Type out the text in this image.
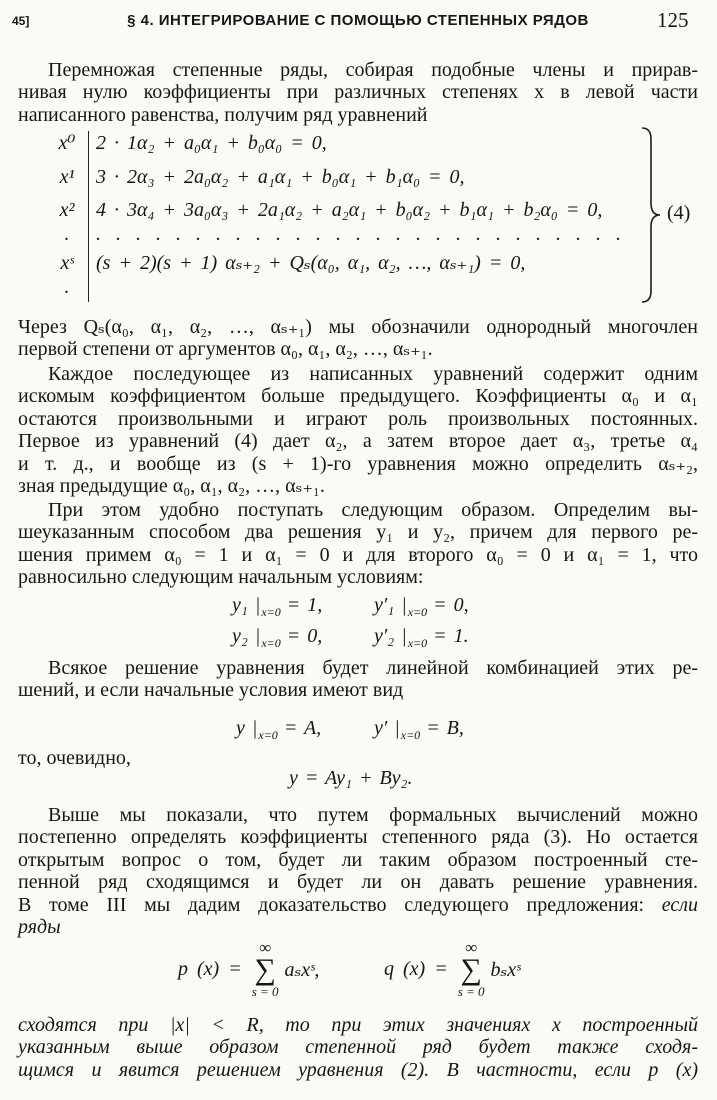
45]	§ 4. ИНТЕГРИРОВАНИЕ С ПОМОЩЬЮ СТЕПЕННЫХ РЯДОВ	125
Перемножая степенные ряды, собирая подобные члены и прирав-
нивая нулю коэффициенты при различных степенях x в левой части
написанного равенства, получим ряд уравнений
x⁰	2 · 1α₂ + a₀α₁ + b₀α₀ = 0,
x¹	3 · 2α₃ + 2a₀α₂ + a₁α₁ + b₀α₁ + b₁α₀ = 0,
x²	4 · 3α₄ + 3a₀α₃ + 2a₁α₂ + a₂α₁ + b₀α₂ + b₁α₁ + b₂α₀ = 0,
.	. . . . . . . . . . . . . . . . . . . . . . . . . . .
xˢ	(s + 2)(s + 1) αₛ₊₂ + Qₛ(α₀, α₁, α₂, …, αₛ₊₁) = 0,
.
(4)
Через Qₛ(α₀, α₁, α₂, …, αₛ₊₁) мы обозначили однородный многочлен
первой степени от аргументов α₀, α₁, α₂, …, αₛ₊₁.
Каждое последующее из написанных уравнений содержит одним
искомым коэффициентом больше предыдущего. Коэффициенты α₀ и α₁
остаются произвольными и играют роль произвольных постоянных.
Первое из уравнений (4) дает α₂, а затем второе дает α₃, третье α₄
и т. д., и вообще из (s + 1)-го уравнения можно определить αₛ₊₂,
зная предыдущие α₀, α₁, α₂, …, αₛ₊₁.
При этом удобно поступать следующим образом. Определим вы-
шеуказанным способом два решения y₁ и y₂, причем для первого ре-
шения примем α₀ = 1 и α₁ = 0 и для второго α₀ = 0 и α₁ = 1, что
равносильно следующим начальным условиям:
y₁ $|_{x=0} = 1$,	y′₁ $|_{x=0} = 0$,
y₂ $|_{x=0} = 0$,	y′₂ $|_{x=0} = 1$.
Всякое решение уравнения будет линейной комбинацией этих ре-
шений, и если начальные условия имеют вид
y $|_{x=0} = A$,	y′ $|_{x=0} = B$,
то, очевидно,
y = Ay₁ + By₂.
Выше мы показали, что путем формальных вычислений можно
постепенно определять коэффициенты степенного ряда (3). Но остается
открытым вопрос о том, будет ли таким образом построенный сте-
пенной ряд сходящимся и будет ли он давать решение уравнения.
В томе III мы дадим доказательство следующего предложения: если
ряды
p (x) =
∞
∑
s = 0
aₛxˢ,	q (x) =
∞
∑
s = 0
bₛxˢ
сходятся при |x| < R, то при этих значениях x построенный
указанным выше образом степенной ряд будет также сходя-
щимся и явится решением уравнения (2). В частности, если p (x)
